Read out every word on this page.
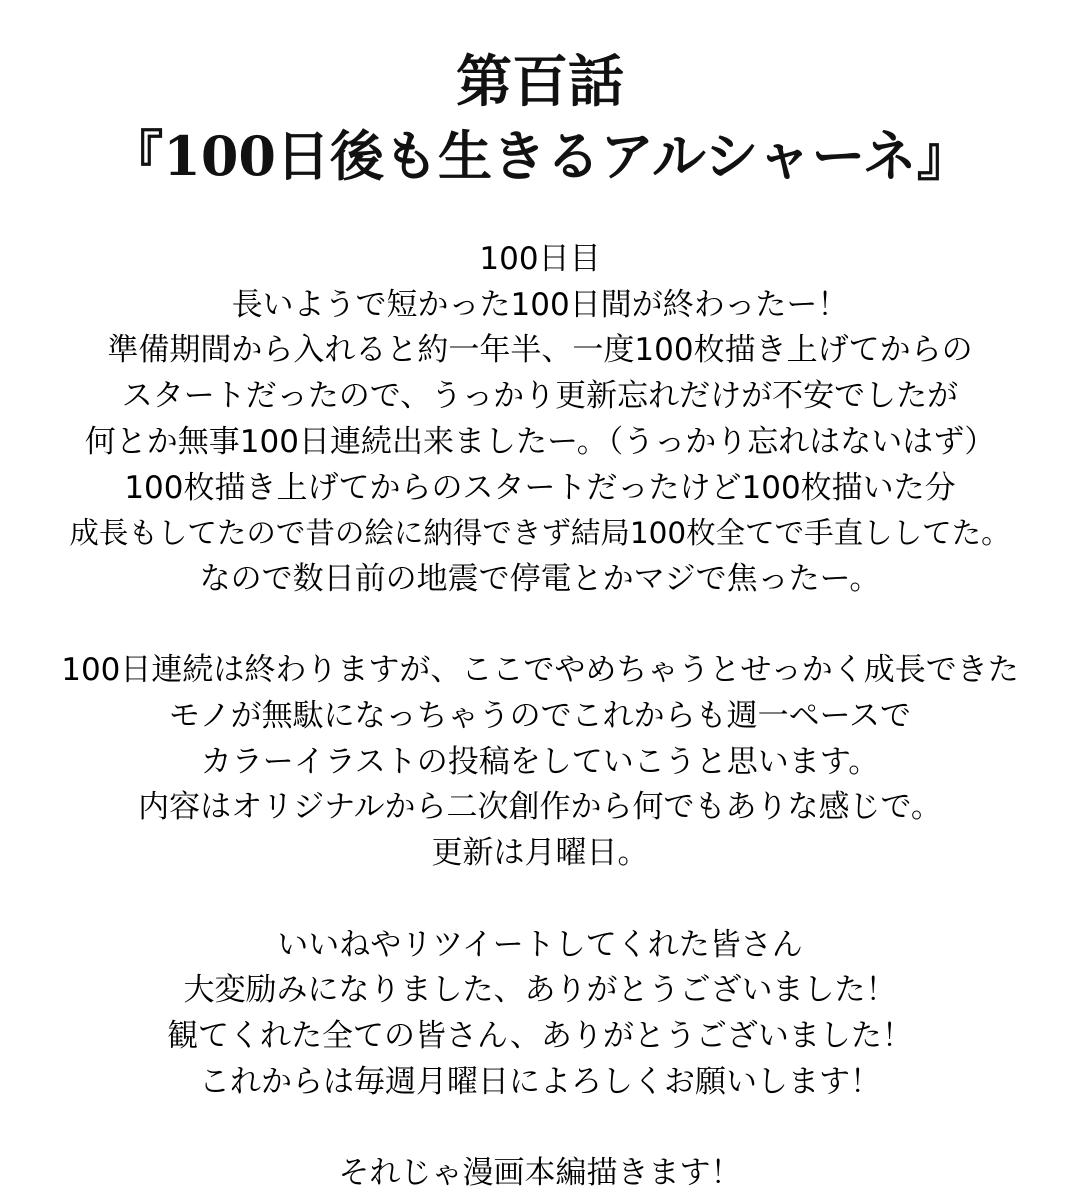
第百話
『100日後も生きるアルシャーネ』
100日目
長いようで短かった100日間が終わったー！
準備期間から入れると約一年半、一度100枚描き上げてからの
スタートだったので、うっかり更新忘れだけが不安でしたが
何とか無事100日連続出来ましたー。（うっかり忘れはないはず）
100枚描き上げてからのスタートだったけど100枚描いた分
成長もしてたので昔の絵に納得できず結局100枚全てで手直ししてた。
なので数日前の地震で停電とかマジで焦ったー。
100日連続は終わりますが、ここでやめちゃうとせっかく成長できた
モノが無駄になっちゃうのでこれからも週一ペースで
カラーイラストの投稿をしていこうと思います。
内容はオリジナルから二次創作から何でもありな感じで。
更新は月曜日。
いいねやリツイートしてくれた皆さん
大変励みになりました、ありがとうございました！
観てくれた全ての皆さん、ありがとうございました！
これからは毎週月曜日によろしくお願いします！
それじゃ漫画本編描きます！
